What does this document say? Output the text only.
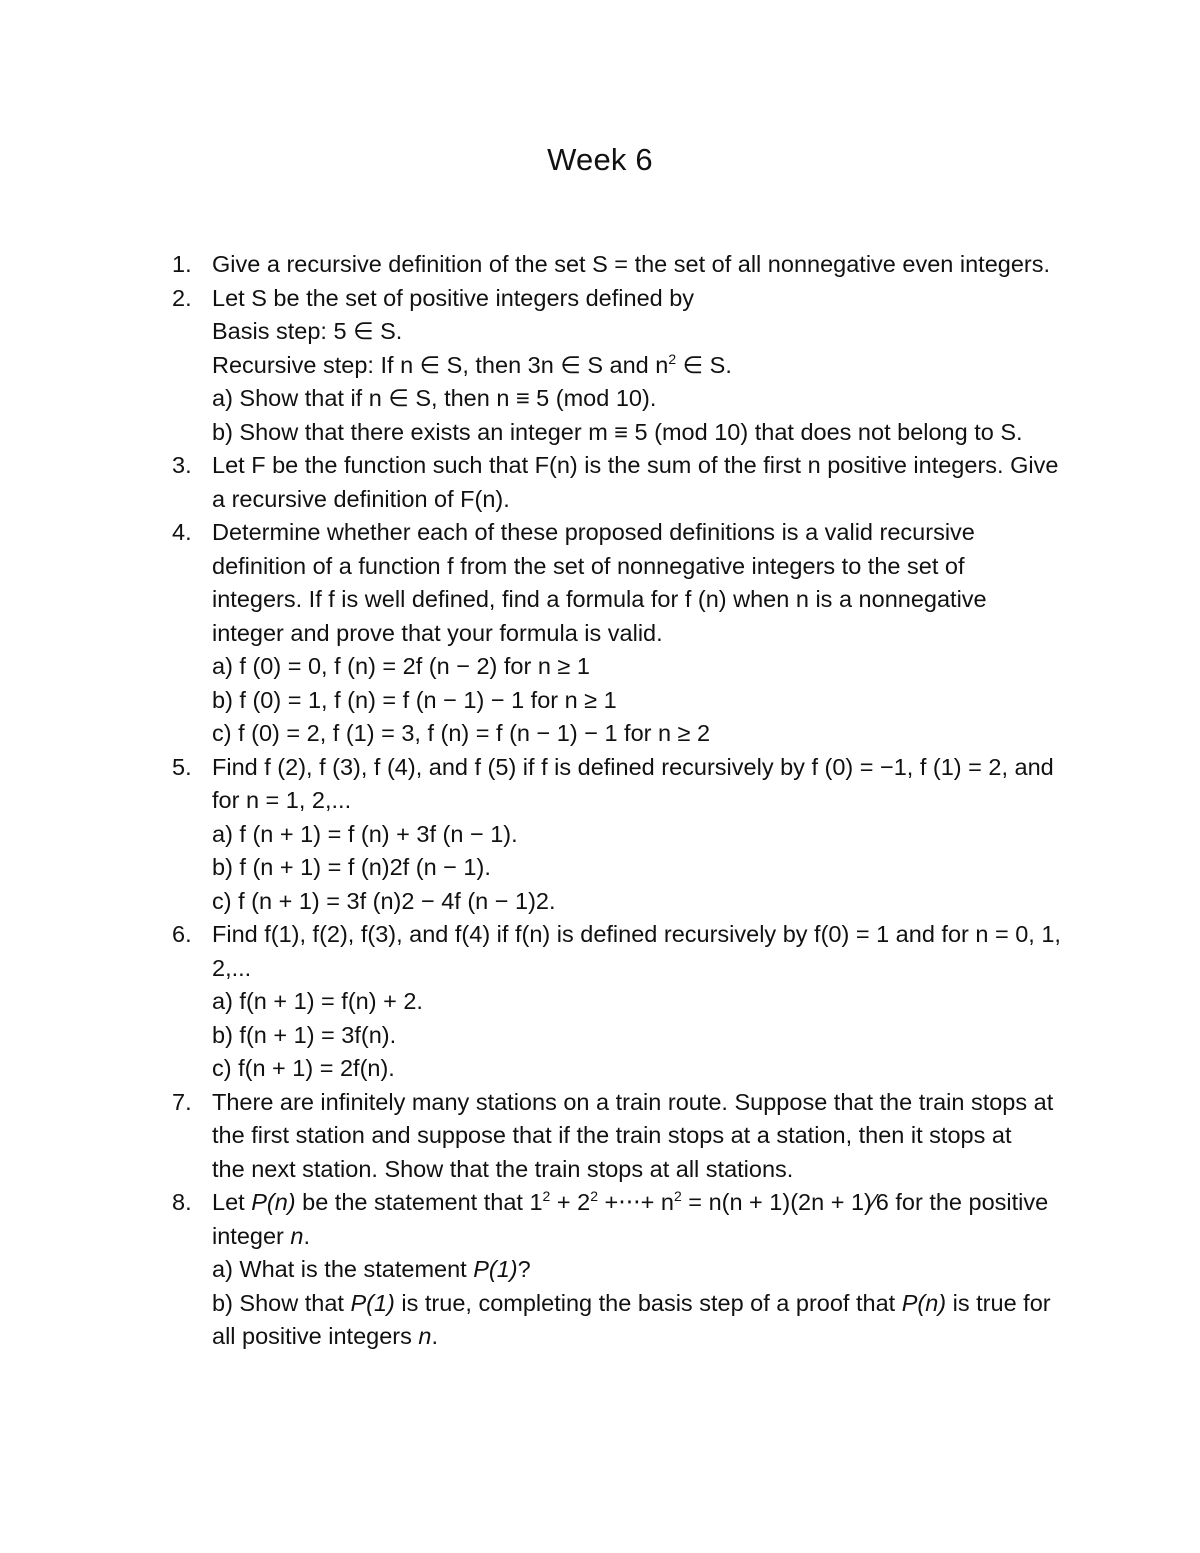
Week 6
1. Give a recursive definition of the set S = the set of all nonnegative even integers.
2. Let S be the set of positive integers defined by
Basis step: 5 ∈ S.
Recursive step: If n ∈ S, then 3n ∈ S and $n^2$ ∈ S.
a) Show that if n ∈ S, then n ≡ 5 (mod 10).
b) Show that there exists an integer m ≡ 5 (mod 10) that does not belong to S.
3. Let F be the function such that F(n) is the sum of the first n positive integers. Give
a recursive definition of F(n).
4. Determine whether each of these proposed definitions is a valid recursive
definition of a function f from the set of nonnegative integers to the set of
integers. If f is well defined, find a formula for f (n) when n is a nonnegative
integer and prove that your formula is valid.
a) f (0) = 0, f (n) = 2f (n − 2) for n ≥ 1
b) f (0) = 1, f (n) = f (n − 1) − 1 for n ≥ 1
c) f (0) = 2, f (1) = 3, f (n) = f (n − 1) − 1 for n ≥ 2
5. Find f (2), f (3), f (4), and f (5) if f is defined recursively by f (0) = −1, f (1) = 2, and
for n = 1, 2,...
a) f (n + 1) = f (n) + 3f (n − 1).
b) f (n + 1) = f (n)2f (n − 1).
c) f (n + 1) = 3f (n)2 − 4f (n − 1)2.
6. Find f(1), f(2), f(3), and f(4) if f(n) is defined recursively by f(0) = 1 and for n = 0, 1,
2,...
a) f(n + 1) = f(n) + 2.
b) f(n + 1) = 3f(n).
c) f(n + 1) = 2f(n).
7. There are infinitely many stations on a train route. Suppose that the train stops at
the first station and suppose that if the train stops at a station, then it stops at
the next station. Show that the train stops at all stations.
8. Let P(n) be the statement that $1^2 + 2^2$ +⋅⋅⋅+ $n^2 = n(n + 1)(2n$ + 1)⁄6 for the positive
integer n.
a) What is the statement P(1)?
b) Show that P(1) is true, completing the basis step of a proof that P(n) is true for
all positive integers n.
